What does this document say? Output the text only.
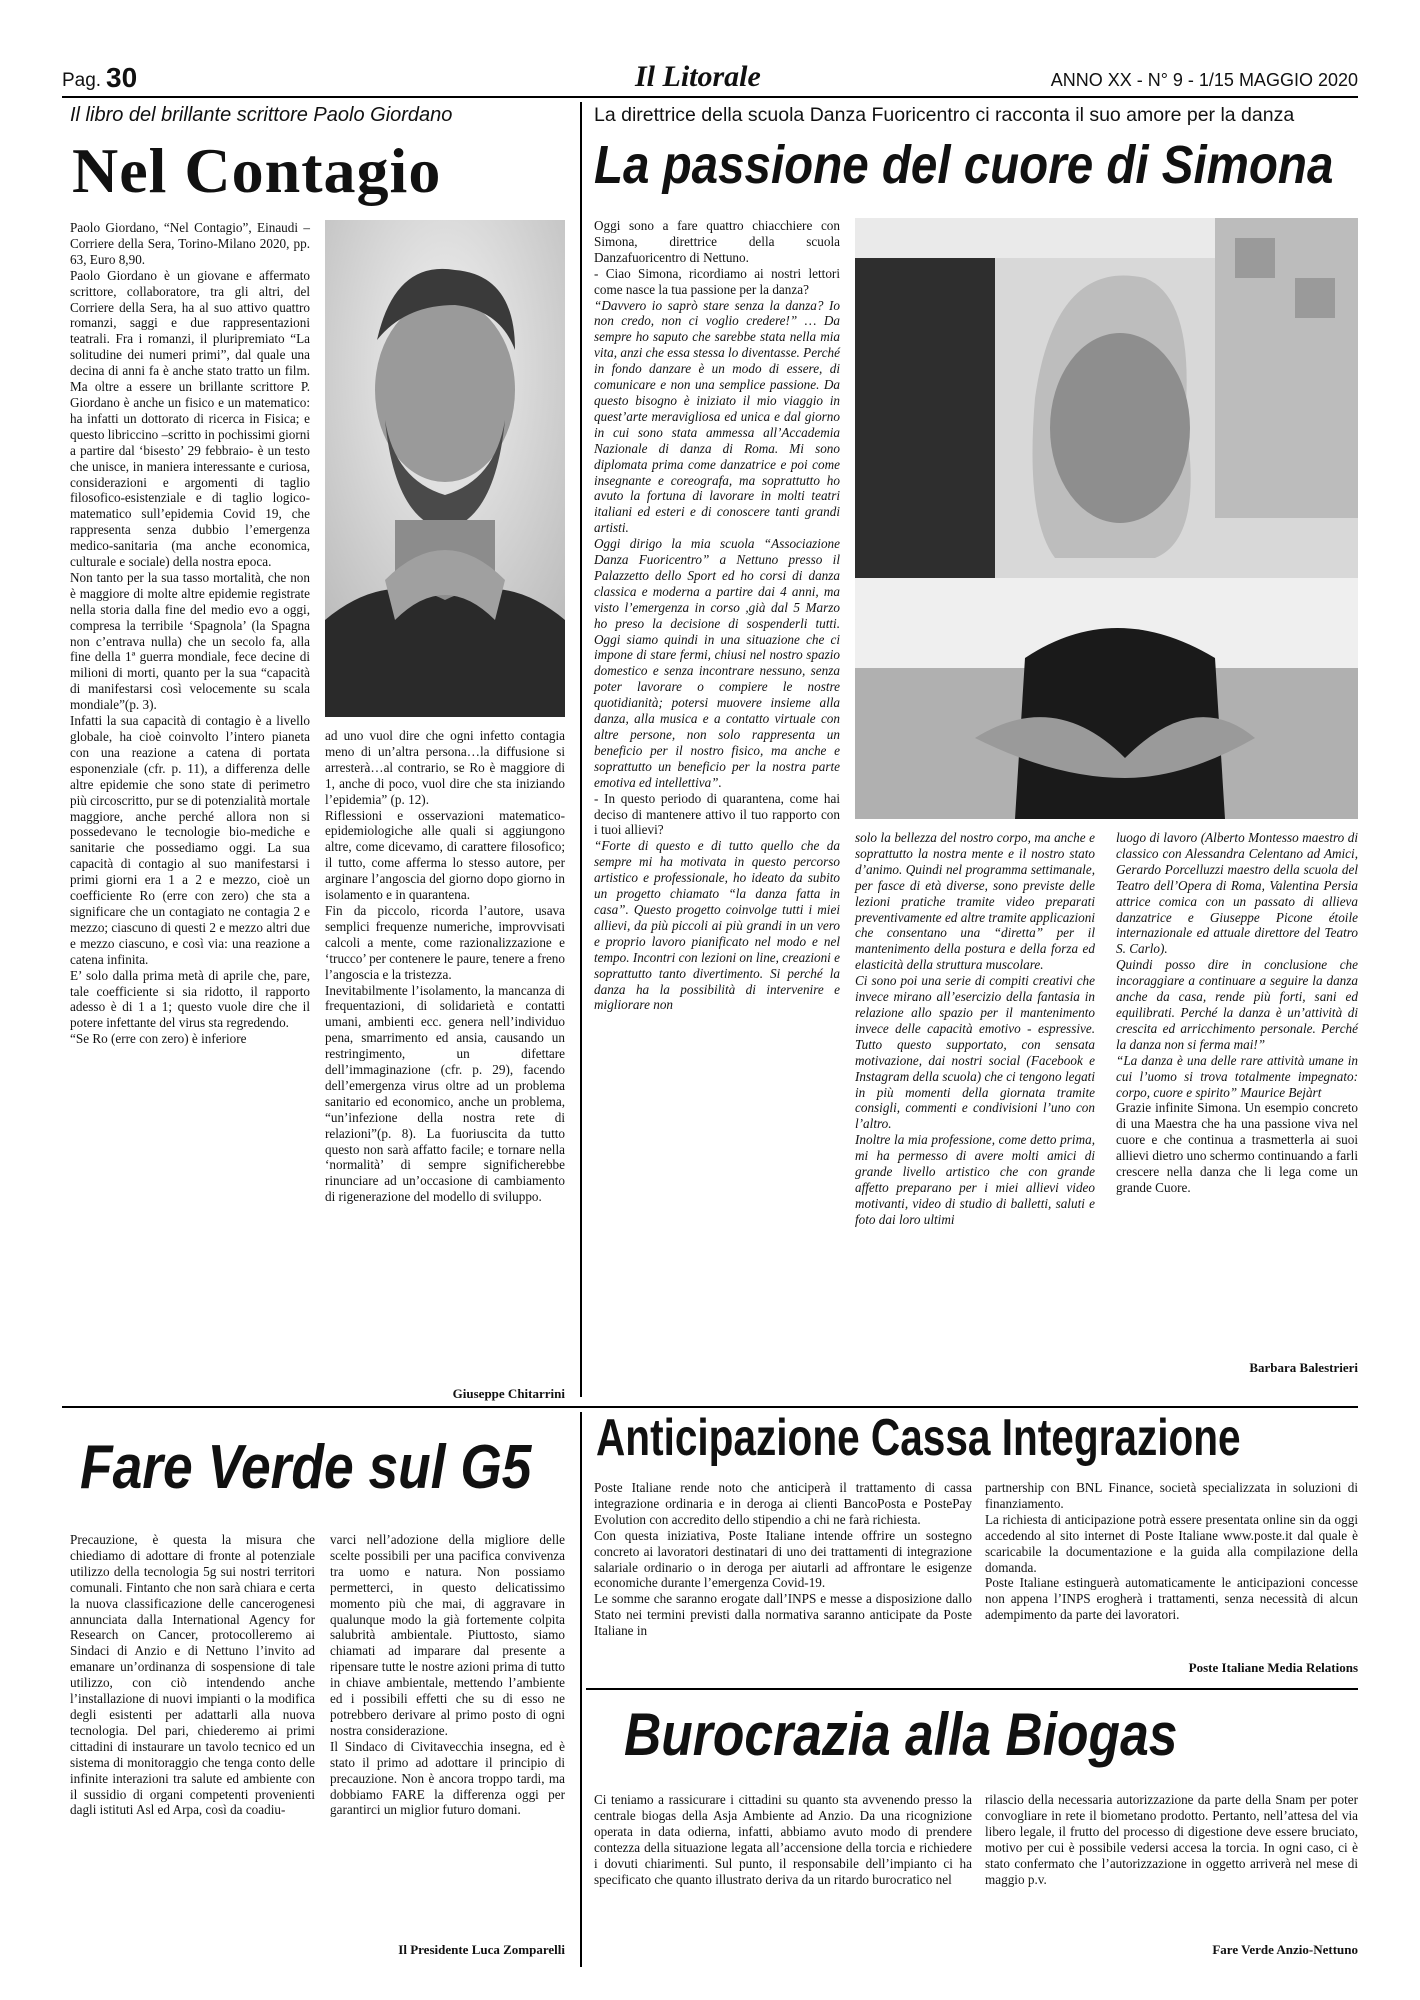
Pag. 30	Il Litorale	ANNO XX - N° 9 - 1/15 MAGGIO 2020
Il libro del brillante scrittore Paolo Giordano
Nel Contagio

Paolo Giordano, “Nel Contagio”, Einaudi – Corriere della Sera, Torino-Milano 2020, pp. 63, Euro 8,90.

Paolo Giordano è un giovane e affermato scrittore, collaboratore, tra gli altri, del Corriere della Sera, ha al suo attivo quattro romanzi, saggi e due rappresentazioni teatrali. Fra i romanzi, il pluripremiato “La solitudine dei numeri primi”, dal quale una decina di anni fa è anche stato tratto un film. Ma oltre a essere un brillante scrittore P. Giordano è anche un fisico e un matematico: ha infatti un dottorato di ricerca in Fisica; e questo libriccino –scritto in pochissimi giorni a partire dal ‘bisesto’ 29 febbraio- è un testo che unisce, in maniera interessante e curiosa, considerazioni e argomenti di taglio filosofico-esistenziale e di taglio logico-matematico sull’epidemia Covid 19, che rappresenta senza dubbio l’emergenza medico-sanitaria (ma anche economica, culturale e sociale) della nostra epoca.

Non tanto per la sua tasso mortalità, che non è maggiore di molte altre epidemie registrate nella storia dalla fine del medio evo a oggi, compresa la terribile ‘Spagnola’ (la Spagna non c’entrava nulla) che un secolo fa, alla fine della 1ª guerra mondiale, fece decine di milioni di morti, quanto per la sua “capacità di manifestarsi così velocemente su scala mondiale”(p. 3).

Infatti la sua capacità di contagio è a livello globale, ha cioè coinvolto l’intero pianeta con una reazione a catena di portata esponenziale (cfr. p. 11), a differenza delle altre epidemie che sono state di perimetro più circoscritto, pur se di potenzialità mortale maggiore, anche perché allora non si possedevano le tecnologie bio-mediche e sanitarie che possediamo oggi. La sua capacità di contagio al suo manifestarsi i primi giorni era 1 a 2 e mezzo, cioè un coefficiente Ro (erre con zero) che sta a significare che un contagiato ne contagia 2 e mezzo; ciascuno di questi 2 e mezzo altri due e mezzo ciascuno, e così via: una reazione a catena infinita.

E’ solo dalla prima metà di aprile che, pare, tale coefficiente si sia ridotto, il rapporto adesso è di 1 a 1; questo vuole dire che il potere infettante del virus sta regredendo.

“Se Ro (erre con zero) è inferiore

ad uno vuol dire che ogni infetto contagia meno di un’altra persona…la diffusione si arresterà…al contrario, se Ro è maggiore di 1, anche di poco, vuol dire che sta iniziando l’epidemia” (p. 12).

Riflessioni e osservazioni matematico-epidemiologiche alle quali si aggiungono altre, come dicevamo, di carattere filosofico; il tutto, come afferma lo stesso autore, per arginare l’angoscia del giorno dopo giorno in isolamento e in quarantena.

Fin da piccolo, ricorda l’autore, usava semplici frequenze numeriche, improvvisati calcoli a mente, come razionalizzazione e ‘trucco’ per contenere le paure, tenere a freno l’angoscia e la tristezza.

Inevitabilmente l’isolamento, la mancanza di frequentazioni, di solidarietà e contatti umani, ambienti ecc. genera nell’individuo pena, smarrimento ed ansia, causando un restringimento, un difettare dell’immaginazione (cfr. p. 29), facendo dell’emergenza virus oltre ad un problema sanitario ed economico, anche un problema, “un’infezione della nostra rete di relazioni”(p. 8). La fuoriuscita da tutto questo non sarà affatto facile; e tornare nella ‘normalità’ di sempre significherebbe rinunciare ad un’occasione di cambiamento di rigenerazione del modello di sviluppo.

Giuseppe Chitarrini
La direttrice della scuola Danza Fuoricentro ci racconta il suo amore per la danza
La passione del cuore di Simona

Oggi sono a fare quattro chiacchiere con Simona, direttrice della scuola Danzafuoricentro di Nettuno.

- Ciao Simona, ricordiamo ai nostri lettori come nasce la tua passione per la danza?

“Davvero io saprò stare senza la danza? Io non credo, non ci voglio credere!” … Da sempre ho saputo che sarebbe stata nella mia vita, anzi che essa stessa lo diventasse. Perché in fondo danzare è un modo di essere, di comunicare e non una semplice passione. Da questo bisogno è iniziato il mio viaggio in quest’arte meravigliosa ed unica e dal giorno in cui sono stata ammessa all’Accademia Nazionale di danza di Roma. Mi sono diplomata prima come danzatrice e poi come insegnante e coreografa, ma soprattutto ho avuto la fortuna di lavorare in molti teatri italiani ed esteri e di conoscere tanti grandi artisti.

Oggi dirigo la mia scuola “Associazione Danza Fuoricentro” a Nettuno presso il Palazzetto dello Sport ed ho corsi di danza classica e moderna a partire dai 4 anni, ma visto l’emergenza in corso ,già dal 5 Marzo ho preso la decisione di sospenderli tutti. Oggi siamo quindi in una situazione che ci impone di stare fermi, chiusi nel nostro spazio domestico e senza incontrare nessuno, senza poter lavorare o compiere le nostre quotidianità; potersi muovere insieme alla danza, alla musica e a contatto virtuale con altre persone, non solo rappresenta un beneficio per il nostro fisico, ma anche e soprattutto un beneficio per la nostra parte emotiva ed intellettiva”.

- In questo periodo di quarantena, come hai deciso di mantenere attivo il tuo rapporto con i tuoi allievi?

“Forte di questo e di tutto quello che da sempre mi ha motivata in questo percorso artistico e professionale, ho ideato da subito un progetto chiamato “la danza fatta in casa”. Questo progetto coinvolge tutti i miei allievi, da più piccoli ai più grandi in un vero e proprio lavoro pianificato nel modo e nel tempo. Incontri con lezioni on line, creazioni e soprattutto tanto divertimento. Si perché la danza ha la possibilità di intervenire e migliorare non

solo la bellezza del nostro corpo, ma anche e soprattutto la nostra mente e il nostro stato d’animo. Quindi nel programma settimanale, per fasce di età diverse, sono previste delle lezioni pratiche tramite video preparati preventivamente ed altre tramite applicazioni che consentano una “diretta” per il mantenimento della postura e della forza ed elasticità della struttura muscolare.

Ci sono poi una serie di compiti creativi che invece mirano all’esercizio della fantasia in relazione allo spazio per il mantenimento invece delle capacità emotivo - espressive. Tutto questo supportato, con sensata motivazione, dai nostri social (Facebook e Instagram della scuola) che ci tengono legati in più momenti della giornata tramite consigli, commenti e condivisioni l’uno con l’altro.

Inoltre la mia professione, come detto prima, mi ha permesso di avere molti amici di grande livello artistico che con grande affetto preparano per i miei allievi video motivanti, video di studio di balletti, saluti e foto dai loro ultimi

luogo di lavoro (Alberto Montesso maestro di classico con Alessandra Celentano ad Amici, Gerardo Porcelluzzi maestro della scuola del Teatro dell’Opera di Roma, Valentina Persia attrice comica con un passato di allieva danzatrice e Giuseppe Picone étoile internazionale ed attuale direttore del Teatro S. Carlo).

Quindi posso dire in conclusione che incoraggiare a continuare a seguire la danza anche da casa, rende più forti, sani ed equilibrati. Perché la danza è un’attività di crescita ed arricchimento personale. Perché la danza non si ferma mai!”

“La danza è una delle rare attività umane in cui l’uomo si trova totalmente impegnato: corpo, cuore e spirito” Maurice Bejàrt

Grazie infinite Simona. Un esempio concreto di una Maestra che ha una passione viva nel cuore e che continua a trasmetterla ai suoi allievi dietro uno schermo continuando a farli crescere nella danza che li lega come un grande Cuore.

Barbara Balestrieri
Fare Verde sul G5

Precauzione, è questa la misura che chiediamo di adottare di fronte al potenziale utilizzo della tecnologia 5g sui nostri territori comunali. Fintanto che non sarà chiara e certa la nuova classificazione delle cancerogenesi annunciata dalla International Agency for Research on Cancer, protocolleremo ai Sindaci di Anzio e di Nettuno l’invito ad emanare un’ordinanza di sospensione di tale utilizzo, con ciò intendendo anche l’installazione di nuovi impianti o la modifica degli esistenti per adattarli alla nuova tecnologia. Del pari, chiederemo ai primi cittadini di instaurare un tavolo tecnico ed un sistema di monitoraggio che tenga conto delle infinite interazioni tra salute ed ambiente con il sussidio di organi competenti provenienti dagli istituti Asl ed Arpa, così da coadiu-

varci nell’adozione della migliore delle scelte possibili per una pacifica convivenza tra uomo e natura. Non possiamo permetterci, in questo delicatissimo momento più che mai, di aggravare in qualunque modo la già fortemente colpita salubrità ambientale. Piuttosto, siamo chiamati ad imparare dal presente a ripensare tutte le nostre azioni prima di tutto in chiave ambientale, mettendo l’ambiente ed i possibili effetti che su di esso ne potrebbero derivare al primo posto di ogni nostra considerazione.

Il Sindaco di Civitavecchia insegna, ed è stato il primo ad adottare il principio di precauzione. Non è ancora troppo tardi, ma dobbiamo FARE la differenza oggi per garantirci un miglior futuro domani.

Il Presidente Luca Zomparelli
Anticipazione Cassa Integrazione

Poste Italiane rende noto che anticiperà il trattamento di cassa integrazione ordinaria e in deroga ai clienti BancoPosta e PostePay Evolution con accredito dello stipendio a chi ne farà richiesta.

Con questa iniziativa, Poste Italiane intende offrire un sostegno concreto ai lavoratori destinatari di uno dei trattamenti di integrazione salariale ordinario o in deroga per aiutarli ad affrontare le esigenze economiche durante l’emergenza Covid-19.

Le somme che saranno erogate dall’INPS e messe a disposizione dallo Stato nei termini previsti dalla normativa saranno anticipate da Poste Italiane in

partnership con BNL Finance, società specializzata in soluzioni di finanziamento.

La richiesta di anticipazione potrà essere presentata online sin da oggi accedendo al sito internet di Poste Italiane www.poste.it dal quale è scaricabile la documentazione e la guida alla compilazione della domanda.

Poste Italiane estinguerà automaticamente le anticipazioni concesse non appena l’INPS erogherà i trattamenti, senza necessità di alcun adempimento da parte dei lavoratori.

Poste Italiane Media Relations
Burocrazia alla Biogas

Ci teniamo a rassicurare i cittadini su quanto sta avvenendo presso la centrale biogas della Asja Ambiente ad Anzio. Da una ricognizione operata in data odierna, infatti, abbiamo avuto modo di prendere contezza della situazione legata all’accensione della torcia e richiedere i dovuti chiarimenti. Sul punto, il responsabile dell’impianto ci ha specificato che quanto illustrato deriva da un ritardo burocratico nel

rilascio della necessaria autorizzazione da parte della Snam per poter convogliare in rete il biometano prodotto. Pertanto, nell’attesa del via libero legale, il frutto del processo di digestione deve essere bruciato, motivo per cui è possibile vedersi accesa la torcia. In ogni caso, ci è stato confermato che l’autorizzazione in oggetto arriverà nel mese di maggio p.v.

Fare Verde Anzio-Nettuno
